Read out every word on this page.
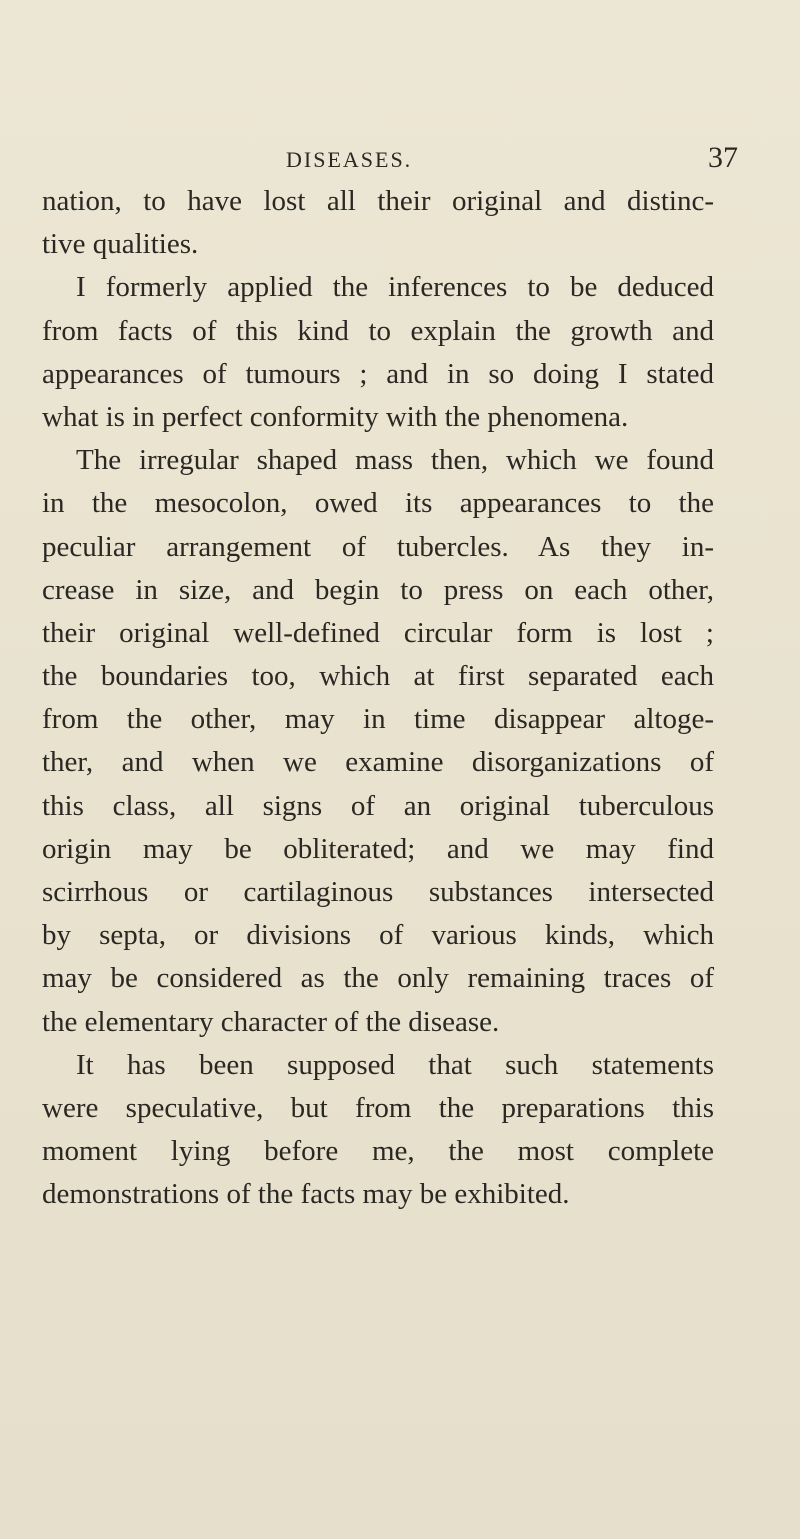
DISEASES.	37
nation, to have lost all their original and distinc-
tive qualities.
I formerly applied the inferences to be deduced
from facts of this kind to explain the growth and
appearances of tumours ; and in so doing I stated
what is in perfect conformity with the phenomena.
The irregular shaped mass then, which we found
in the mesocolon, owed its appearances to the
peculiar arrangement of tubercles. As they in-
crease in size, and begin to press on each other,
their original well-defined circular form is lost ;
the boundaries too, which at first separated each
from the other, may in time disappear altoge-
ther, and when we examine disorganizations of
this class, all signs of an original tuberculous
origin may be obliterated; and we may find
scirrhous or cartilaginous substances intersected
by septa, or divisions of various kinds, which
may be considered as the only remaining traces of
the elementary character of the disease.
It has been supposed that such statements
were speculative, but from the preparations this
moment lying before me, the most complete
demonstrations of the facts may be exhibited.
